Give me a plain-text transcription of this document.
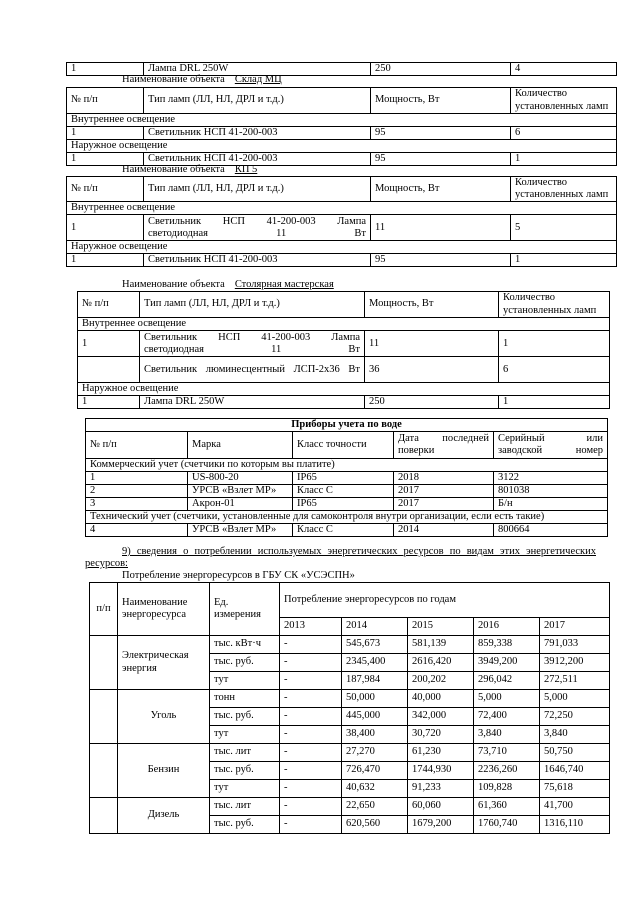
1	Лампа DRL 250W	250	4
Наименование объекта Склад МЦ
№ п/п	Тип ламп (ЛЛ, НЛ, ДРЛ и т.д.)	Мощность, Вт	Количество установленных ламп
Внутреннее освещение			
1	Светильник НСП 41-200-003	95	6
Наружное освещение			
1	Светильник НСП 41-200-003	95	1
Наименование объекта КП 5
№ п/п	Тип ламп (ЛЛ, НЛ, ДРЛ и т.д.)	Мощность, Вт	Количество установленных ламп
Внутреннее освещение			
1	Светильник НСП 41-200-003 Лампа светодиодная 11 Вт	11	5
Наружное освещение			
1	Светильник НСП 41-200-003	95	1
Наименование объекта Столярная мастерская
№ п/п	Тип ламп (ЛЛ, НЛ, ДРЛ и т.д.)	Мощность, Вт	Количество установленных ламп
Внутреннее освещение			
1	Светильник НСП 41-200-003 Лампа светодиодная 11 Вт	11	1
	Светильник люминесцентный ЛСП-2х36 Вт	36	6
Наружное освещение			
1	Лампа DRL 250W	250	1
Приборы учета по воде				
№ п/п	Марка	Класс точности	Дата последней поверки	Серийный или заводской номер
Коммерческий учет (счетчики по которым вы платите)				
1	US-800-20	IP65	2018	3122
2	УРСВ «Взлет МР»	Класс С	2017	801038
3	Акрон-01	IP65	2017	Б/н
Технический учет (счетчики, установленные для самоконтроля внутри организации, если есть такие)				
4	УРСВ «Взлет МР»	Класс С	2014	800664
9) сведения о потреблении используемых энергетических ресурсов по видам этих энергетических
ресурсов:
Потребление энергоресурсов в ГБУ СК «УСЭСПН»
п/п	Наименование энергоресурса	Ед. измерения	Потребление энергоресурсов по годам				
			2013	2014	2015	2016	2017
	Электрическая энергия	тыс. кВт·ч	-	545,673	581,139	859,338	791,033
		тыс. руб.	-	2345,400	2616,420	3949,200	3912,200
		тут	-	187,984	200,202	296,042	272,511
	Уголь	тонн	-	50,000	40,000	5,000	5,000
		тыс. руб.	-	445,000	342,000	72,400	72,250
		тут	-	38,400	30,720	3,840	3,840
	Бензин	тыс. лит	-	27,270	61,230	73,710	50,750
		тыс. руб.	-	726,470	1744,930	2236,260	1646,740
		тут	-	40,632	91,233	109,828	75,618
	Дизель	тыс. лит	-	22,650	60,060	61,360	41,700
		тыс. руб.	-	620,560	1679,200	1760,740	1316,110
